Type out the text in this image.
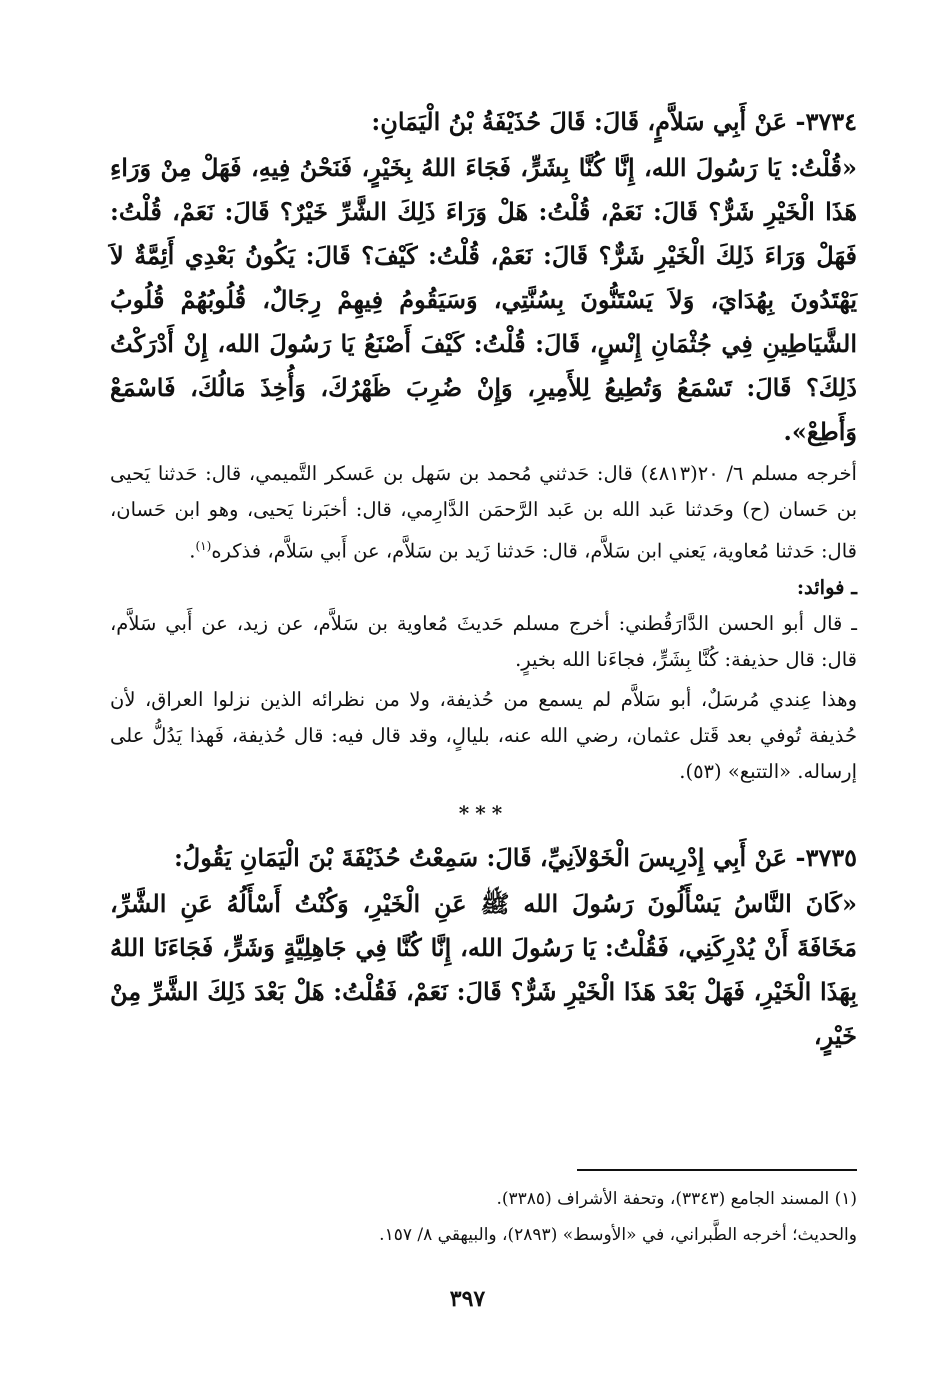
٣٧٣٤- عَنْ أَبِي سَلاَّمٍ، قَالَ: قَالَ حُذَيْفَةُ بْنُ الْيَمَانِ:

«قُلْتُ: يَا رَسُولَ الله، إِنَّا كُنَّا بِشَرٍّ، فَجَاءَ اللهُ بِخَيْرٍ، فَنَحْنُ فِيهِ، فَهَلْ مِنْ وَرَاءِ هَذَا الْخَيْرِ شَرٌّ؟ قَالَ: نَعَمْ، قُلْتُ: هَلْ وَرَاءَ ذَلِكَ الشَّرِّ خَيْرٌ؟ قَالَ: نَعَمْ، قُلْتُ: فَهَلْ وَرَاءَ ذَلِكَ الْخَيْرِ شَرٌّ؟ قَالَ: نَعَمْ، قُلْتُ: كَيْفَ؟ قَالَ: يَكُونُ بَعْدِي أَئِمَّةٌ لاَ يَهْتَدُونَ بِهُدَايَ، وَلاَ يَسْتَنُّونَ بِسُنَّتِي، وَسَيَقُومُ فِيهِمْ رِجَالٌ، قُلُوبُهُمْ قُلُوبُ الشَّيَاطِينِ فِي جُثْمَانِ إِنْسٍ، قَالَ: قُلْتُ: كَيْفَ أَصْنَعُ يَا رَسُولَ الله، إِنْ أَدْرَكْتُ ذَلِكَ؟ قَالَ: تَسْمَعُ وَتُطِيعُ لِلأَمِيرِ، وَإِنْ ضُرِبَ ظَهْرُكَ، وَأُخِذَ مَالُكَ، فَاسْمَعْ وَأَطِعْ».

أخرجه مسلم ٦/ ٢٠(٤٨١٣) قال: حَدثني مُحمد بن سَهل بن عَسكر التَّميمي، قال: حَدثنا يَحيى بن حَسان (ح) وحَدثنا عَبد الله بن عَبد الرَّحمَن الدَّارِمي، قال: أخبَرنا يَحيى، وهو ابن حَسان، قال: حَدثنا مُعاوية، يَعني ابن سَلاَّم، قال: حَدثنا زَيد بن سَلاَّم، عن أَبي سَلاَّم، فذكره$^{(١)}$.

ـ فوائد:

ـ قال أبو الحسن الدَّارَقُطني: أخرج مسلم حَديثَ مُعاوية بن سَلاَّم، عن زيد، عن أَبي سَلاَّم، قال: قال حذيفة: كُنَّا بِشَرٍّ، فجاءَنا الله بخيرٍ.

وهذا عِندي مُرسَلٌ، أبو سَلاَّم لم يسمع من حُذيفة، ولا من نظرائه الذين نزلوا العراق، لأن حُذيفة تُوفي بعد قَتل عثمان، رضي الله عنه، بليالٍ، وقد قال فيه: قال حُذيفة، فَهذا يَدُلُّ على إرساله. «التتبع» (٥٣).

***

٣٧٣٥- عَنْ أَبِي إِدْرِيسَ الْخَوْلاَنِيِّ، قَالَ: سَمِعْتُ حُذَيْفَةَ بْنَ الْيَمَانِ يَقُولُ:

«كَانَ النَّاسُ يَسْأَلُونَ رَسُولَ الله ﷺ عَنِ الْخَيْرِ، وَكُنْتُ أَسْأَلُهُ عَنِ الشَّرِّ، مَخَافَةَ أَنْ يُدْرِكَنِي، فَقُلْتُ: يَا رَسُولَ الله، إِنَّا كُنَّا فِي جَاهِلِيَّةٍ وَشَرٍّ، فَجَاءَنَا اللهُ بِهَذَا الْخَيْرِ، فَهَلْ بَعْدَ هَذَا الْخَيْرِ شَرٌّ؟ قَالَ: نَعَمْ، فَقُلْتُ: هَلْ بَعْدَ ذَلِكَ الشَّرِّ مِنْ خَيْرٍ،

(١) المسند الجامع (٣٣٤٣)، وتحفة الأشراف (٣٣٨٥).

والحديث؛ أخرجه الطَّبراني، في «الأوسط» (٢٨٩٣)، والبيهقي ٨/ ١٥٧.

٣٩٧
